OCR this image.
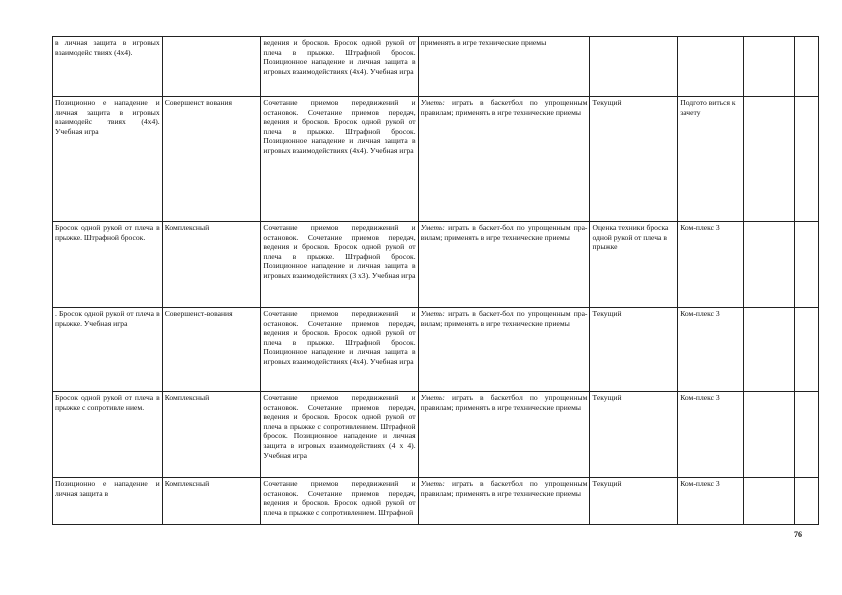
в личная защита в игровых взаимодейс твиях (4х4).		ведения и бросков. Бросок одной рукой от плеча в прыжке. Штрафной бросок. Позиционное нападение и личная защита в игровых взаимодействиях (4х4). Учебная игра	применять в игре технические приемы				
Позиционно е нападение и личная защита в игровых взаимодейс твиях (4х4). Учебная игра	Совершенст вования	Сочетание приемов передвижений и остановок. Сочетание приемов передач, ведения и бросков. Бросок одной рукой от плеча в прыжке. Штрафной бросок. Позиционное нападение и личная защита в игровых взаимодействиях (4х4). Учебная игра	Уметь: играть в баскетбол по упрощенным правилам; применять в игре технические приемы	Текущий	Подгото виться к зачету		
Бросок одной рукой от плеча в прыжке. Штрафной бросок.	Комплексный	Сочетание приемов передвижений и остановок. Сочетание приемов передач, ведения и бросков. Бросок одной рукой от плеча в прыжке. Штрафной бросок. Позиционное нападение и личная защита в игровых взаимодействиях (3 х3). Учебная игра	Уметь: играть в баскет-бол по упрощенным пра-вилам; применять в игре технические приемы	Оценка техники броска одной рукой от плеча в прыжке	Ком-плекс 3		
. Бросок одной рукой от плеча в прыжке. Учебная игра	Совершенст-вования	Сочетание приемов передвижений и остановок. Сочетание приемов передач, ведения и бросков. Бросок одной рукой от плеча в прыжке. Штрафной бросок. Позиционное нападение и личная защита в игровых взаимодействиях (4х4). Учебная игра	Уметь: играть в баскет-бол по упрощенным пра-вилам; применять в игре технические приемы	Текущий	Ком-плекс 3		
Бросок одной рукой от плеча в прыжке с сопротивле нием.	Комплексный	Сочетание приемов передвижений и остановок. Сочетание приемов передач, ведения и бросков. Бросок одной рукой от плеча в прыжке с сопротивлением. Штрафной бросок. Позиционное нападение и личная защита в игровых взаимодействиях (4 х 4). Учебная игра	Уметь: играть в баскетбол по упрощенным правилам; применять в игре технические приемы	Текущий	Ком-плекс 3		
Позиционно е нападение и личная защита в	Комплексный	Сочетание приемов передвижений и остановок. Сочетание приемов передач, ведения и бросков. Бросок одной рукой от плеча в прыжке с сопротивлением. Штрафной	Уметь: играть в баскетбол по упрощенным правилам; применять в игре технические приемы	Текущий	Ком-плекс 3		
76
